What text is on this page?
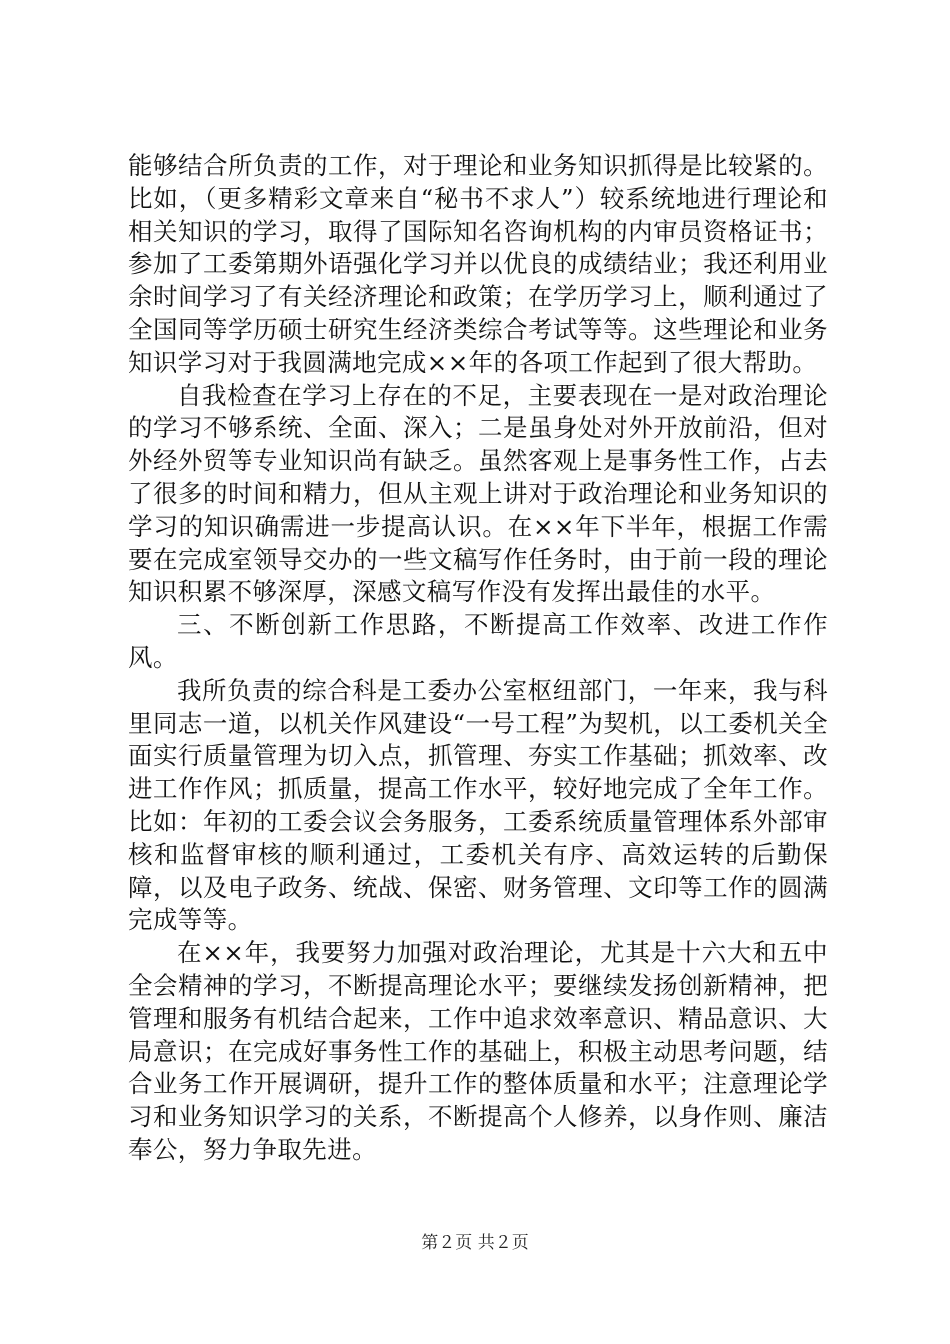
能够结合所负责的工作，对于理论和业务知识抓得是比较紧的。比如，（更多精彩文章来自“秘书不求人”）较系统地进行理论和相关知识的学习，取得了国际知名咨询机构的内审员资格证书；参加了工委第期外语强化学习并以优良的成绩结业；我还利用业余时间学习了有关经济理论和政策；在学历学习上，顺利通过了全国同等学历硕士研究生经济类综合考试等等。这些理论和业务知识学习对于我圆满地完成××年的各项工作起到了很大帮助。

自我检查在学习上存在的不足，主要表现在一是对政治理论的学习不够系统、全面、深入；二是虽身处对外开放前沿，但对外经外贸等专业知识尚有缺乏。虽然客观上是事务性工作，占去了很多的时间和精力，但从主观上讲对于政治理论和业务知识的学习的知识确需进一步提高认识。在××年下半年，根据工作需要在完成室领导交办的一些文稿写作任务时，由于前一段的理论知识积累不够深厚，深感文稿写作没有发挥出最佳的水平。

三、不断创新工作思路，不断提高工作效率、改进工作作风。

我所负责的综合科是工委办公室枢纽部门，一年来，我与科里同志一道，以机关作风建设“一号工程”为契机，以工委机关全面实行质量管理为切入点，抓管理、夯实工作基础；抓效率、改进工作作风；抓质量，提高工作水平，较好地完成了全年工作。比如：年初的工委会议会务服务，工委系统质量管理体系外部审核和监督审核的顺利通过，工委机关有序、高效运转的后勤保障，以及电子政务、统战、保密、财务管理、文印等工作的圆满完成等等。

在××年，我要努力加强对政治理论，尤其是十六大和五中全会精神的学习，不断提高理论水平；要继续发扬创新精神，把管理和服务有机结合起来，工作中追求效率意识、精品意识、大局意识；在完成好事务性工作的基础上，积极主动思考问题，结合业务工作开展调研，提升工作的整体质量和水平；注意理论学习和业务知识学习的关系，不断提高个人修养，以身作则、廉洁奉公，努力争取先进。

第２页 共２页
